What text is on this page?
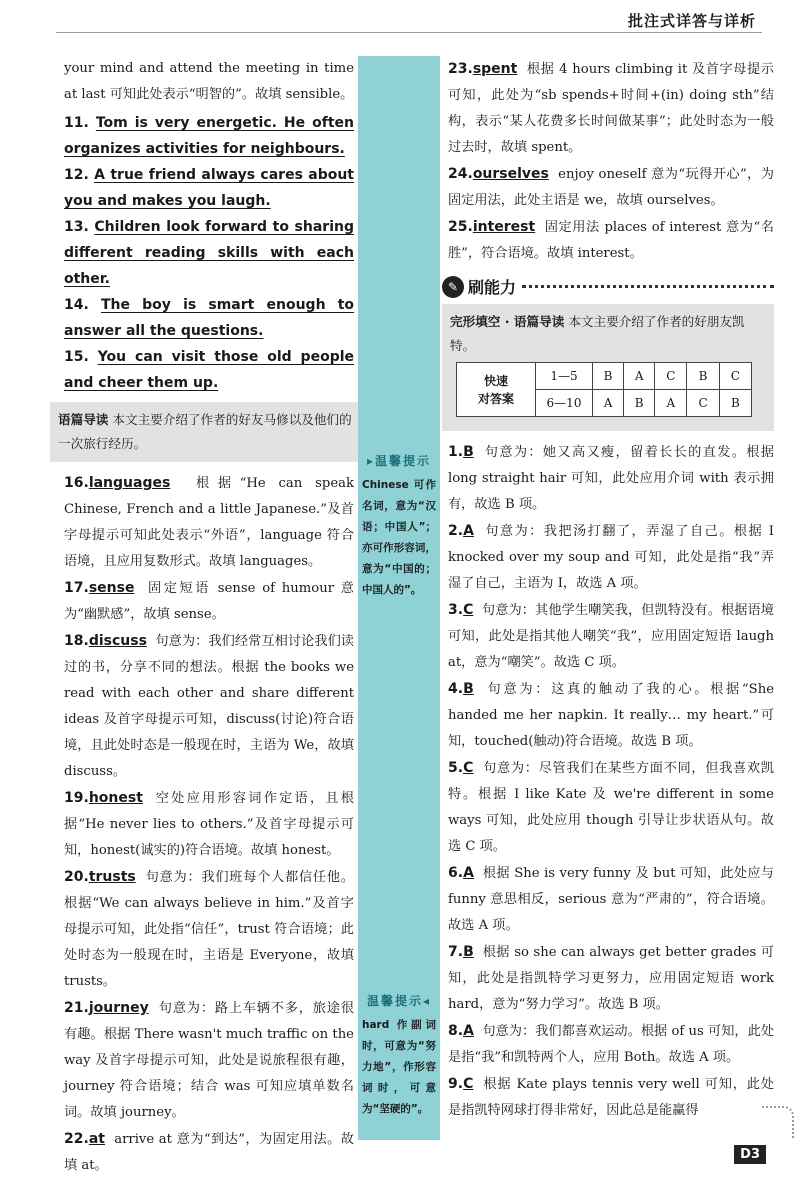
批注式详答与详析

your mind and attend the meeting in time at last 可知此处表示“明智的”。故填 sensible。

11. Tom is very energetic. He often organizes activities for neighbours.

12. A true friend always cares about you and makes you laugh.

13. Children look forward to sharing different reading skills with each other.

14. The boy is smart enough to answer all the questions.

15. You can visit those old people and cheer them up.

语篇导读 本文主要介绍了作者的好友马修以及他们的一次旅行经历。

16.languages 根据“He can speak Chinese, French and a little Japanese.”及首字母提示可知此处表示“外语”，language 符合语境，且应用复数形式。故填 languages。

17.sense 固定短语 sense of humour 意为“幽默感”，故填 sense。

18.discuss 句意为：我们经常互相讨论我们读过的书，分享不同的想法。根据 the books we read with each other and share different ideas 及首字母提示可知，discuss(讨论)符合语境，且此处时态是一般现在时，主语为 We，故填 discuss。

19.honest 空处应用形容词作定语，且根据“He never lies to others.”及首字母提示可知，honest(诚实的)符合语境。故填 honest。

20.trusts 句意为：我们班每个人都信任他。根据“We can always believe in him.”及首字母提示可知，此处指“信任”，trust 符合语境；此处时态为一般现在时，主语是 Everyone，故填 trusts。

21.journey 句意为：路上车辆不多，旅途很有趣。根据 There wasn't much traffic on the way 及首字母提示可知，此处是说旅程很有趣，journey 符合语境；结合 was 可知应填单数名词。故填 journey。

22.at arrive at 意为“到达”，为固定用法。故填 at。

▸温馨提示
Chinese 可作名词，意为“汉语；中国人”；亦可作形容词，意为“中国的；中国人的”。
温馨提示◂
hard 作副词时，可意为“努力地”，作形容词时，可意为“坚硬的”。

23.spent 根据 4 hours climbing it 及首字母提示可知，此处为“sb spends+时间+(in) doing sth”结构，表示“某人花费多长时间做某事”；此处时态为一般过去时，故填 spent。

24.ourselves enjoy oneself 意为“玩得开心”，为固定用法，此处主语是 we，故填 ourselves。

25.interest 固定用法 places of interest 意为“名胜”，符合语境。故填 interest。

✎ 刷能力
完形填空 · 语篇导读 本文主要介绍了作者的好朋友凯特。
快速
对答案	1—5	B	A	C	B	C
	6—10	A	B	A	C	B

1.B 句意为：她又高又瘦，留着长长的直发。根据 long straight hair 可知，此处应用介词 with 表示拥有，故选 B 项。

2.A 句意为：我把汤打翻了，弄湿了自己。根据 I knocked over my soup and 可知，此处是指“我”弄湿了自己，主语为 I，故选 A 项。

3.C 句意为：其他学生嘲笑我，但凯特没有。根据语境可知，此处是指其他人嘲笑“我”，应用固定短语 laugh at，意为“嘲笑”。故选 C 项。

4.B 句意为：这真的触动了我的心。根据“She handed me her napkin. It really… my heart.”可知，touched(触动)符合语境。故选 B 项。

5.C 句意为：尽管我们在某些方面不同，但我喜欢凯特。根据 I like Kate 及 we're different in some ways 可知，此处应用 though 引导让步状语从句。故选 C 项。

6.A 根据 She is very funny 及 but 可知，此处应与 funny 意思相反，serious 意为“严肃的”，符合语境。故选 A 项。

7.B 根据 so she can always get better grades 可知，此处是指凯特学习更努力，应用固定短语 work hard，意为“努力学习”。故选 B 项。

8.A 句意为：我们都喜欢运动。根据 of us 可知，此处是指“我”和凯特两个人，应用 Both。故选 A 项。

9.C 根据 Kate plays tennis very well 可知，此处是指凯特网球打得非常好，因此总是能赢得

D3
